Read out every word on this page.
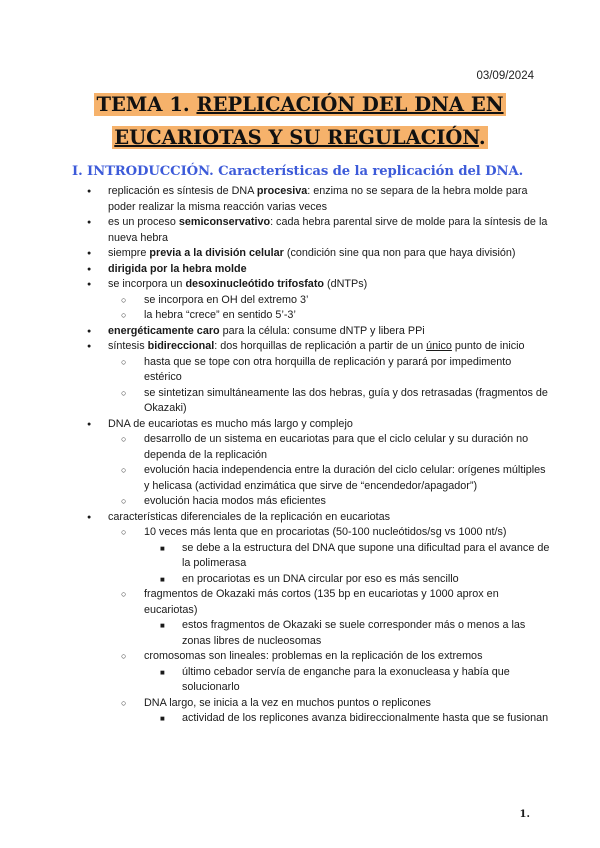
03/09/2024

TEMA 1. REPLICACIÓN DEL DNA EN

EUCARIOTAS Y SU REGULACIÓN.

I. INTRODUCCIÓN. Características de la replicación del DNA.
● replicación es síntesis de DNA procesiva: enzima no se separa de la hebra molde para poder realizar la misma reacción varias veces
● es un proceso semiconservativo: cada hebra parental sirve de molde para la síntesis de la nueva hebra
● siempre previa a la división celular (condición sine qua non para que haya división)
● dirigida por la hebra molde
● se incorpora un desoxinucleótido trifosfato (dNTPs)
○ se incorpora en OH del extremo 3’
○ la hebra “crece” en sentido 5’-3’
● energéticamente caro para la célula: consume dNTP y libera PPi
● síntesis bidireccional: dos horquillas de replicación a partir de un único punto de inicio
○ hasta que se tope con otra horquilla de replicación y parará por impedimento estérico
○ se sintetizan simultáneamente las dos hebras, guía y dos retrasadas (fragmentos de Okazaki)
● DNA de eucariotas es mucho más largo y complejo
○ desarrollo de un sistema en eucariotas para que el ciclo celular y su duración no dependa de la replicación
○ evolución hacia independencia entre la duración del ciclo celular: orígenes múltiples y helicasa (actividad enzimática que sirve de “encendedor/apagador”)
○ evolución hacia modos más eficientes
● características diferenciales de la replicación en eucariotas
○ 10 veces más lenta que en procariotas (50-100 nucleótidos/sg vs 1000 nt/s)
■ se debe a la estructura del DNA que supone una dificultad para el avance de la polimerasa
■ en procariotas es un DNA circular por eso es más sencillo
○ fragmentos de Okazaki más cortos (135 bp en eucariotas y 1000 aprox en eucariotas)
■ estos fragmentos de Okazaki se suele corresponder más o menos a las zonas libres de nucleosomas
○ cromosomas son lineales: problemas en la replicación de los extremos
■ último cebador servía de enganche para la exonucleasa y había que solucionarlo
○ DNA largo, se inicia a la vez en muchos puntos o replicones
■ actividad de los replicones avanza bidireccionalmente hasta que se fusionan
1.
